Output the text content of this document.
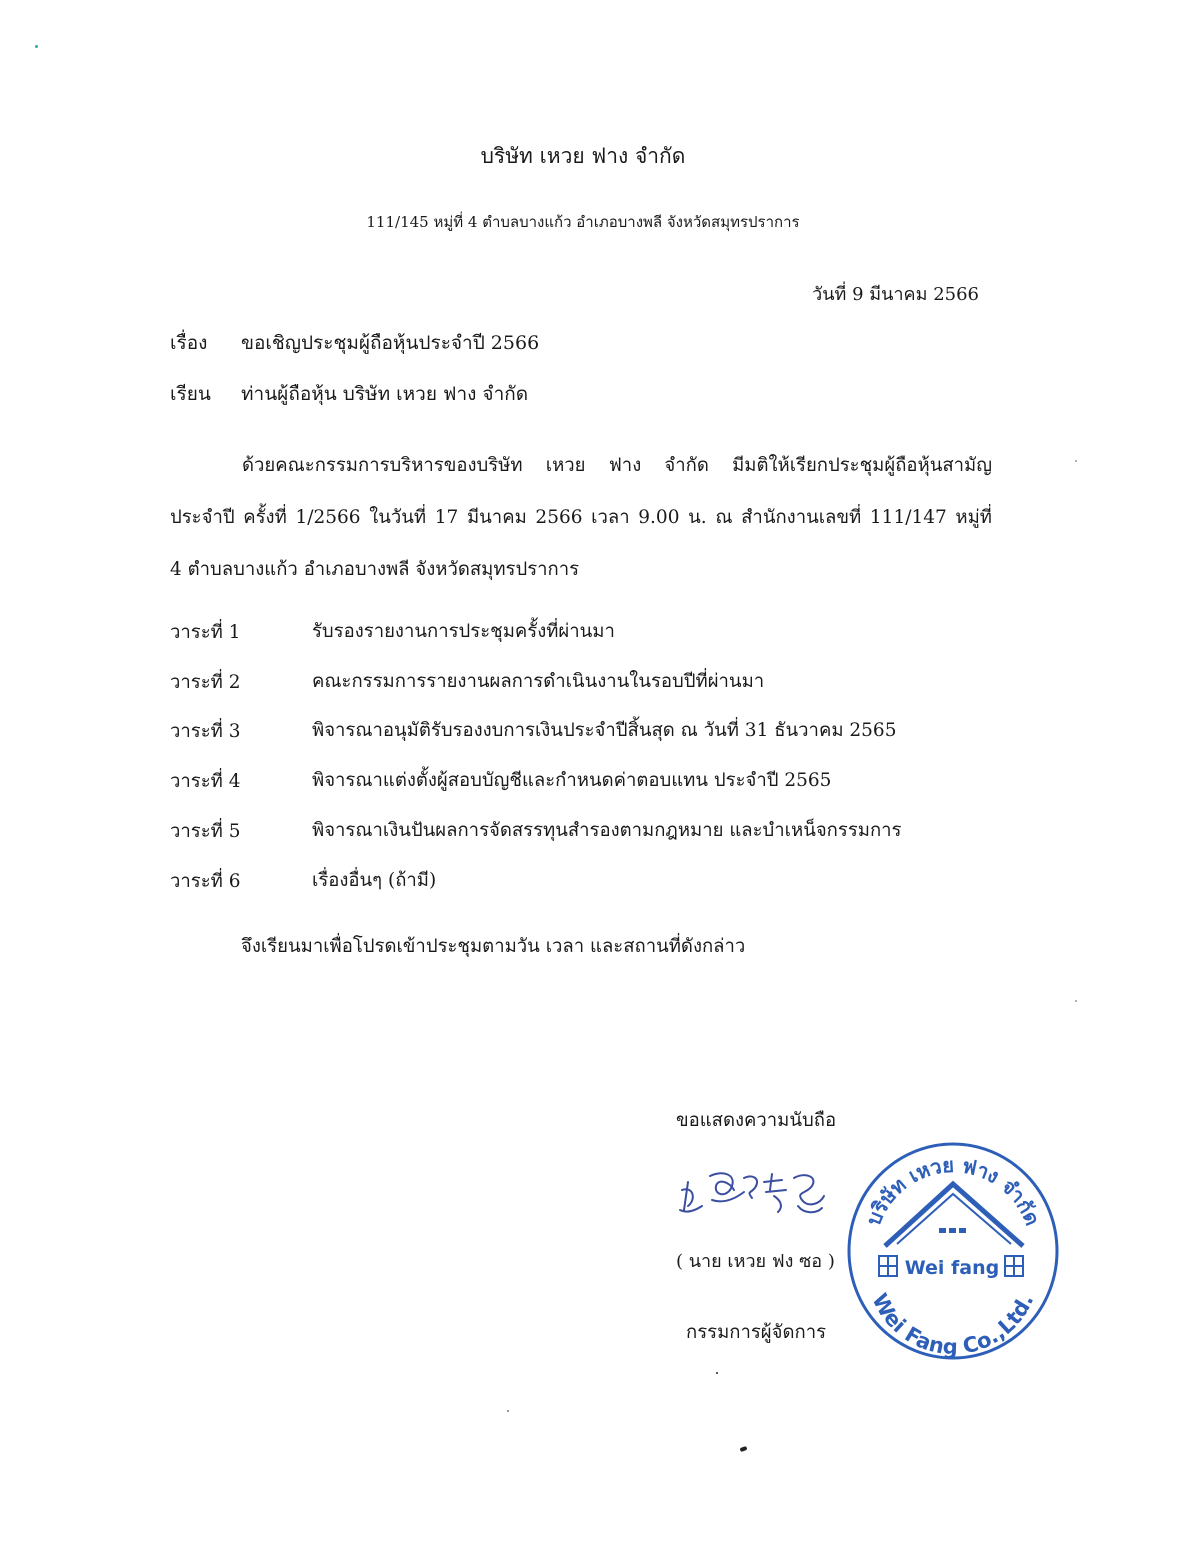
บริษัท เหวย ฟาง จำกัด
111/145 หมู่ที่ 4 ตำบลบางแก้ว อำเภอบางพลี จังหวัดสมุทรปราการ
วันที่ 9 มีนาคม 2566
เรื่อง ขอเชิญประชุมผู้ถือหุ้นประจำปี 2566
เรียน ท่านผู้ถือหุ้น บริษัท เหวย ฟาง จำกัด
ด้วยคณะกรรมการบริหารของบริษัท เหวย ฟาง จำกัด มีมติให้เรียกประชุมผู้ถือหุ้นสามัญ
ประจำปี ครั้งที่ 1/2566 ในวันที่ 17 มีนาคม 2566 เวลา 9.00 น. ณ สำนักงานเลขที่ 111/147 หมู่ที่
4 ตำบลบางแก้ว อำเภอบางพลี จังหวัดสมุทรปราการ
วาระที่ 1	รับรองรายงานการประชุมครั้งที่ผ่านมา
วาระที่ 2	คณะกรรมการรายงานผลการดำเนินงานในรอบปีที่ผ่านมา
วาระที่ 3	พิจารณาอนุมัติรับรองงบการเงินประจำปีสิ้นสุด ณ วันที่ 31 ธันวาคม 2565
วาระที่ 4	พิจารณาแต่งตั้งผู้สอบบัญชีและกำหนดค่าตอบแทน ประจำปี 2565
วาระที่ 5	พิจารณาเงินปันผลการจัดสรรทุนสำรองตามกฎหมาย และบำเหน็จกรรมการ
วาระที่ 6	เรื่องอื่นๆ (ถ้ามี)
จึงเรียนมาเพื่อโปรดเข้าประชุมตามวัน เวลา และสถานที่ดังกล่าว
ขอแสดงความนับถือ
( นาย เหวย ฟง ซอ )
กรรมการผู้จัดการ
บริษัท เหวย ฟาง จำกัด
Wei Fang Co.,Ltd.
Wei fang
